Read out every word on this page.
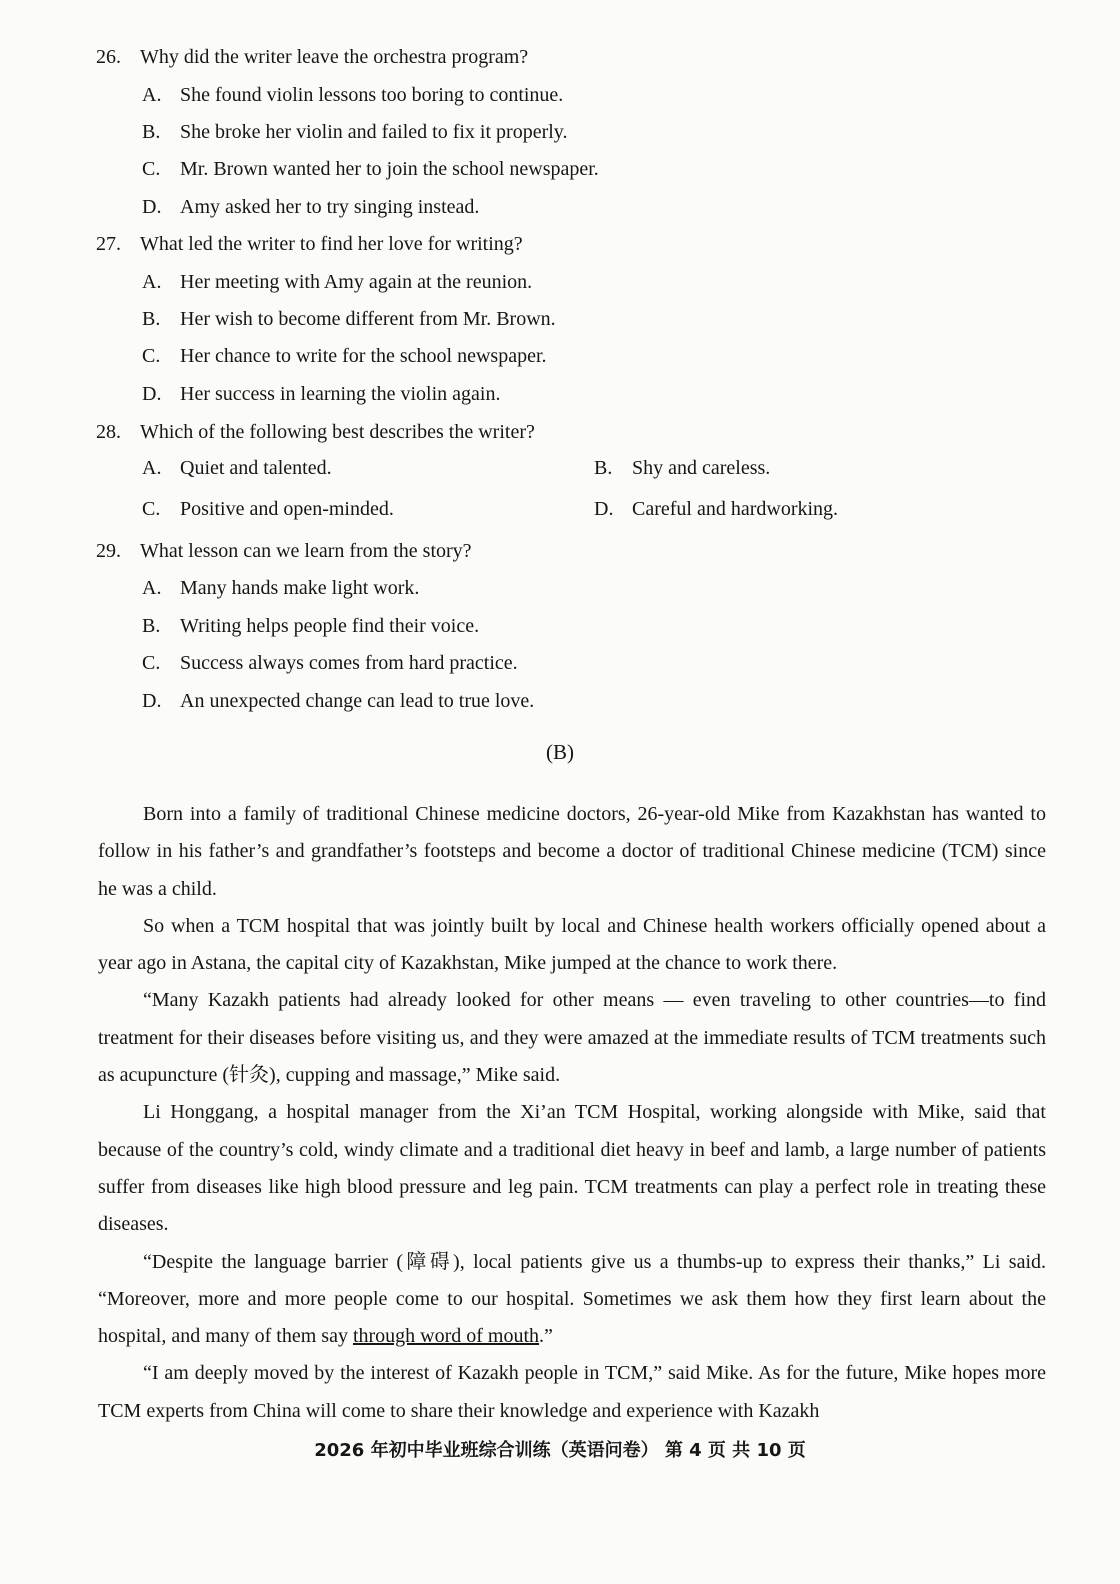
26. Why did the writer leave the orchestra program?
A. She found violin lessons too boring to continue.
B. She broke her violin and failed to fix it properly.
C. Mr. Brown wanted her to join the school newspaper.
D. Amy asked her to try singing instead.
27. What led the writer to find her love for writing?
A. Her meeting with Amy again at the reunion.
B. Her wish to become different from Mr. Brown.
C. Her chance to write for the school newspaper.
D. Her success in learning the violin again.
28. Which of the following best describes the writer?
A. Quiet and talented.	B. Shy and careless.
C. Positive and open-minded.	D. Careful and hardworking.
29. What lesson can we learn from the story?
A. Many hands make light work.
B. Writing helps people find their voice.
C. Success always comes from hard practice.
D. An unexpected change can lead to true love.
(B)

Born into a family of traditional Chinese medicine doctors, 26-year-old Mike from Kazakhstan has wanted to follow in his father’s and grandfather’s footsteps and become a doctor of traditional Chinese medicine (TCM) since he was a child.

So when a TCM hospital that was jointly built by local and Chinese health workers officially opened about a year ago in Astana, the capital city of Kazakhstan, Mike jumped at the chance to work there.

“Many Kazakh patients had already looked for other means — even traveling to other countries—to find treatment for their diseases before visiting us, and they were amazed at the immediate results of TCM treatments such as acupuncture (针灸), cupping and massage,” Mike said.

Li Honggang, a hospital manager from the Xi’an TCM Hospital, working alongside with Mike, said that because of the country’s cold, windy climate and a traditional diet heavy in beef and lamb, a large number of patients suffer from diseases like high blood pressure and leg pain. TCM treatments can play a perfect role in treating these diseases.

“Despite the language barrier (障碍), local patients give us a thumbs-up to express their thanks,” Li said. “Moreover, more and more people come to our hospital. Sometimes we ask them how they first learn about the hospital, and many of them say through word of mouth.”

“I am deeply moved by the interest of Kazakh people in TCM,” said Mike. As for the future, Mike hopes more TCM experts from China will come to share their knowledge and experience with Kazakh

2026 年初中毕业班综合训练（英语问卷） 第 4 页 共 10 页
